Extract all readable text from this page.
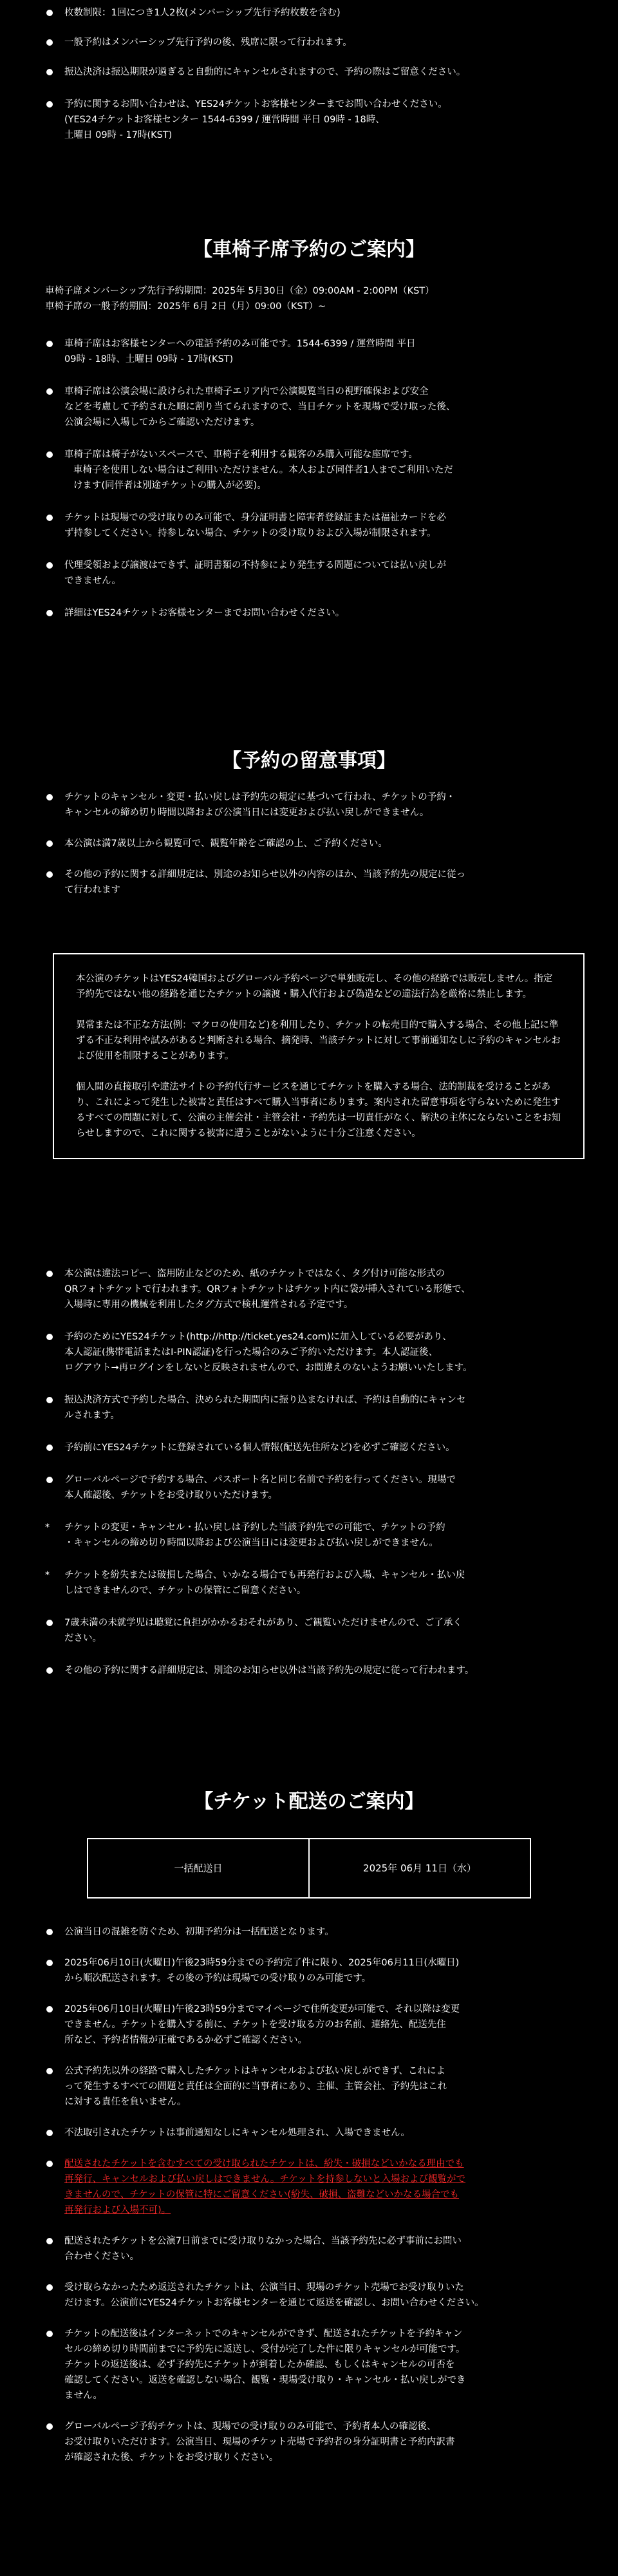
枚数制限：1回につき1人2枚(メンバーシップ先行予約枚数を含む)

一般予約はメンバーシップ先行予約の後、残席に限って行われます。

振込決済は振込期限が過ぎると自動的にキャンセルされますので、予約の際はご留意ください。

予約に関するお問い合わせは、YES24チケットお客様センターまでお問い合わせください。
(YES24チケットお客様センター 1544-6399 / 運営時間 平日 09時 - 18時、
土曜日 09時 - 17時(KST)

【車椅子席予約のご案内】

車椅子席メンバーシップ先行予約期間：2025年 5月30日（金）09:00AM - 2:00PM（KST）

車椅子席の一般予約期間：2025年 6月 2日（月）09:00（KST）~

車椅子席はお客様センターへの電話予約のみ可能です。1544-6399 / 運営時間 平日
09時 - 18時、土曜日 09時 - 17時(KST)

車椅子席は公演会場に設けられた車椅子エリア内で公演観覧当日の視野確保および安全
などを考慮して予約された順に割り当てられますので、当日チケットを現場で受け取った後、
公演会場に入場してからご確認いただけます。

車椅子席は椅子がないスペースで、車椅子を利用する観客のみ購入可能な座席です。
車椅子を使用しない場合はご利用いただけません。本人および同伴者1人までご利用いただ
けます(同伴者は別途チケットの購入が必要)。

チケットは現場での受け取りのみ可能で、身分証明書と障害者登録証または福祉カードを必
ず持参してください。持参しない場合、チケットの受け取りおよび入場が制限されます。

代理受領および譲渡はできず、証明書類の不持参により発生する問題については払い戻しが
できません。

詳細はYES24チケットお客様センターまでお問い合わせください。

【予約の留意事項】

チケットのキャンセル・変更・払い戻しは予約先の規定に基づいて行われ、チケットの予約・
キャンセルの締め切り時間以降および公演当日には変更および払い戻しができません。

本公演は満7歳以上から観覧可で、観覧年齢をご確認の上、ご予約ください。

その他の予約に関する詳細規定は、別途のお知らせ以外の内容のほか、当該予約先の規定に従っ
て行われます

本公演のチケットはYES24韓国およびグローバル予約ページで単独販売し、その他の経路では販売しません。指定予約先ではない他の経路を通じたチケットの譲渡・購入代行および偽造などの違法行為を厳格に禁止します。

異常または不正な方法(例：マクロの使用など)を利用したり、チケットの転売目的で購入する場合、その他上記に準ずる不正な利用や試みがあると判断される場合、摘発時、当該チケットに対して事前通知なしに予約のキャンセルおよび使用を制限することがあります。

個人間の直接取引や違法サイトの予約代行サービスを通じてチケットを購入する場合、法的制裁を受けることがあり、これによって発生した被害と責任はすべて購入当事者にあります。案内された留意事項を守らないために発生するすべての問題に対して、公演の主催会社・主管会社・予約先は一切責任がなく、解決の主体にならないことをお知らせしますので、これに関する被害に遭うことがないように十分ご注意ください。

本公演は違法コピー、盗用防止などのため、紙のチケットではなく、タグ付け可能な形式の
QRフォトチケットで行われます。QRフォトチケットはチケット内に袋が挿入されている形態で、
入場時に専用の機械を利用したタグ方式で検札運営される予定です。

予約のためにYES24チケット(http://http://ticket.yes24.com)に加入している必要があり、
本人認証(携帯電話またはI-PIN認証)を行った場合のみご予約いただけます。本人認証後、
ログアウト→再ログインをしないと反映されませんので、お間違えのないようお願いいたします。

振込決済方式で予約した場合、決められた期間内に振り込まなければ、予約は自動的にキャンセ
ルされます。

予約前にYES24チケットに登録されている個人情報(配送先住所など)を必ずご確認ください。

グローバルページで予約する場合、パスポート名と同じ名前で予約を行ってください。現場で
本人確認後、チケットをお受け取りいただけます。

* チケットの変更・キャンセル・払い戻しは予約した当該予約先での可能で、チケットの予約
・キャンセルの締め切り時間以降および公演当日には変更および払い戻しができません。

* チケットを紛失または破損した場合、いかなる場合でも再発行および入場、キャンセル・払い戻
しはできませんので、チケットの保管にご留意ください。

7歳未満の未就学児は聴覚に負担がかかるおそれがあり、ご観覧いただけませんので、ご了承く
ださい。

その他の予約に関する詳細規定は、別途のお知らせ以外は当該予約先の規定に従って行われます。

【チケット配送のご案内】
一括配送日	2025年 06月 11日（水）

公演当日の混雑を防ぐため、初期予約分は一括配送となります。

2025年06月10日(火曜日)午後23時59分までの予約完了件に限り、2025年06月11日(水曜日)
から順次配送されます。その後の予約は現場での受け取りのみ可能です。

2025年06月10日(火曜日)午後23時59分までマイページで住所変更が可能で、それ以降は変更
できません。チケットを購入する前に、チケットを受け取る方のお名前、連絡先、配送先住
所など、予約者情報が正確であるか必ずご確認ください。

公式予約先以外の経路で購入したチケットはキャンセルおよび払い戻しができず、これによ
って発生するすべての問題と責任は全面的に当事者にあり、主催、主管会社、予約先はこれ
に対する責任を負いません。

不法取引されたチケットは事前通知なしにキャンセル処理され、入場できません。

配送されたチケットを含むすべての受け取られたチケットは、紛失・破損などいかなる理由でも
再発行、キャンセルおよび払い戻しはできません。チケットを持参しないと入場および観覧がで
きませんので、チケットの保管に特にご留意ください(紛失、破損、盗難などいかなる場合でも
再発行および入場不可)。

配送されたチケットを公演7日前までに受け取りなかった場合、当該予約先に必ず事前にお問い
合わせください。

受け取らなかったため返送されたチケットは、公演当日、現場のチケット売場でお受け取りいた
だけます。公演前にYES24チケットお客様センターを通じて返送を確認し、お問い合わせください。

チケットの配送後はインターネットでのキャンセルができず、配送されたチケットを予約キャン
セルの締め切り時間前までに予約先に返送し、受付が完了した件に限りキャンセルが可能です。
チケットの返送後は、必ず予約先にチケットが到着したか確認、もしくはキャンセルの可否を
確認してください。返送を確認しない場合、観覧・現場受け取り・キャンセル・払い戻しができ
ません。

グローバルページ予約チケットは、現場での受け取りのみ可能で、予約者本人の確認後、
お受け取りいただけます。公演当日、現場のチケット売場で予約者の身分証明書と予約内訳書
が確認された後、チケットをお受け取りください。
